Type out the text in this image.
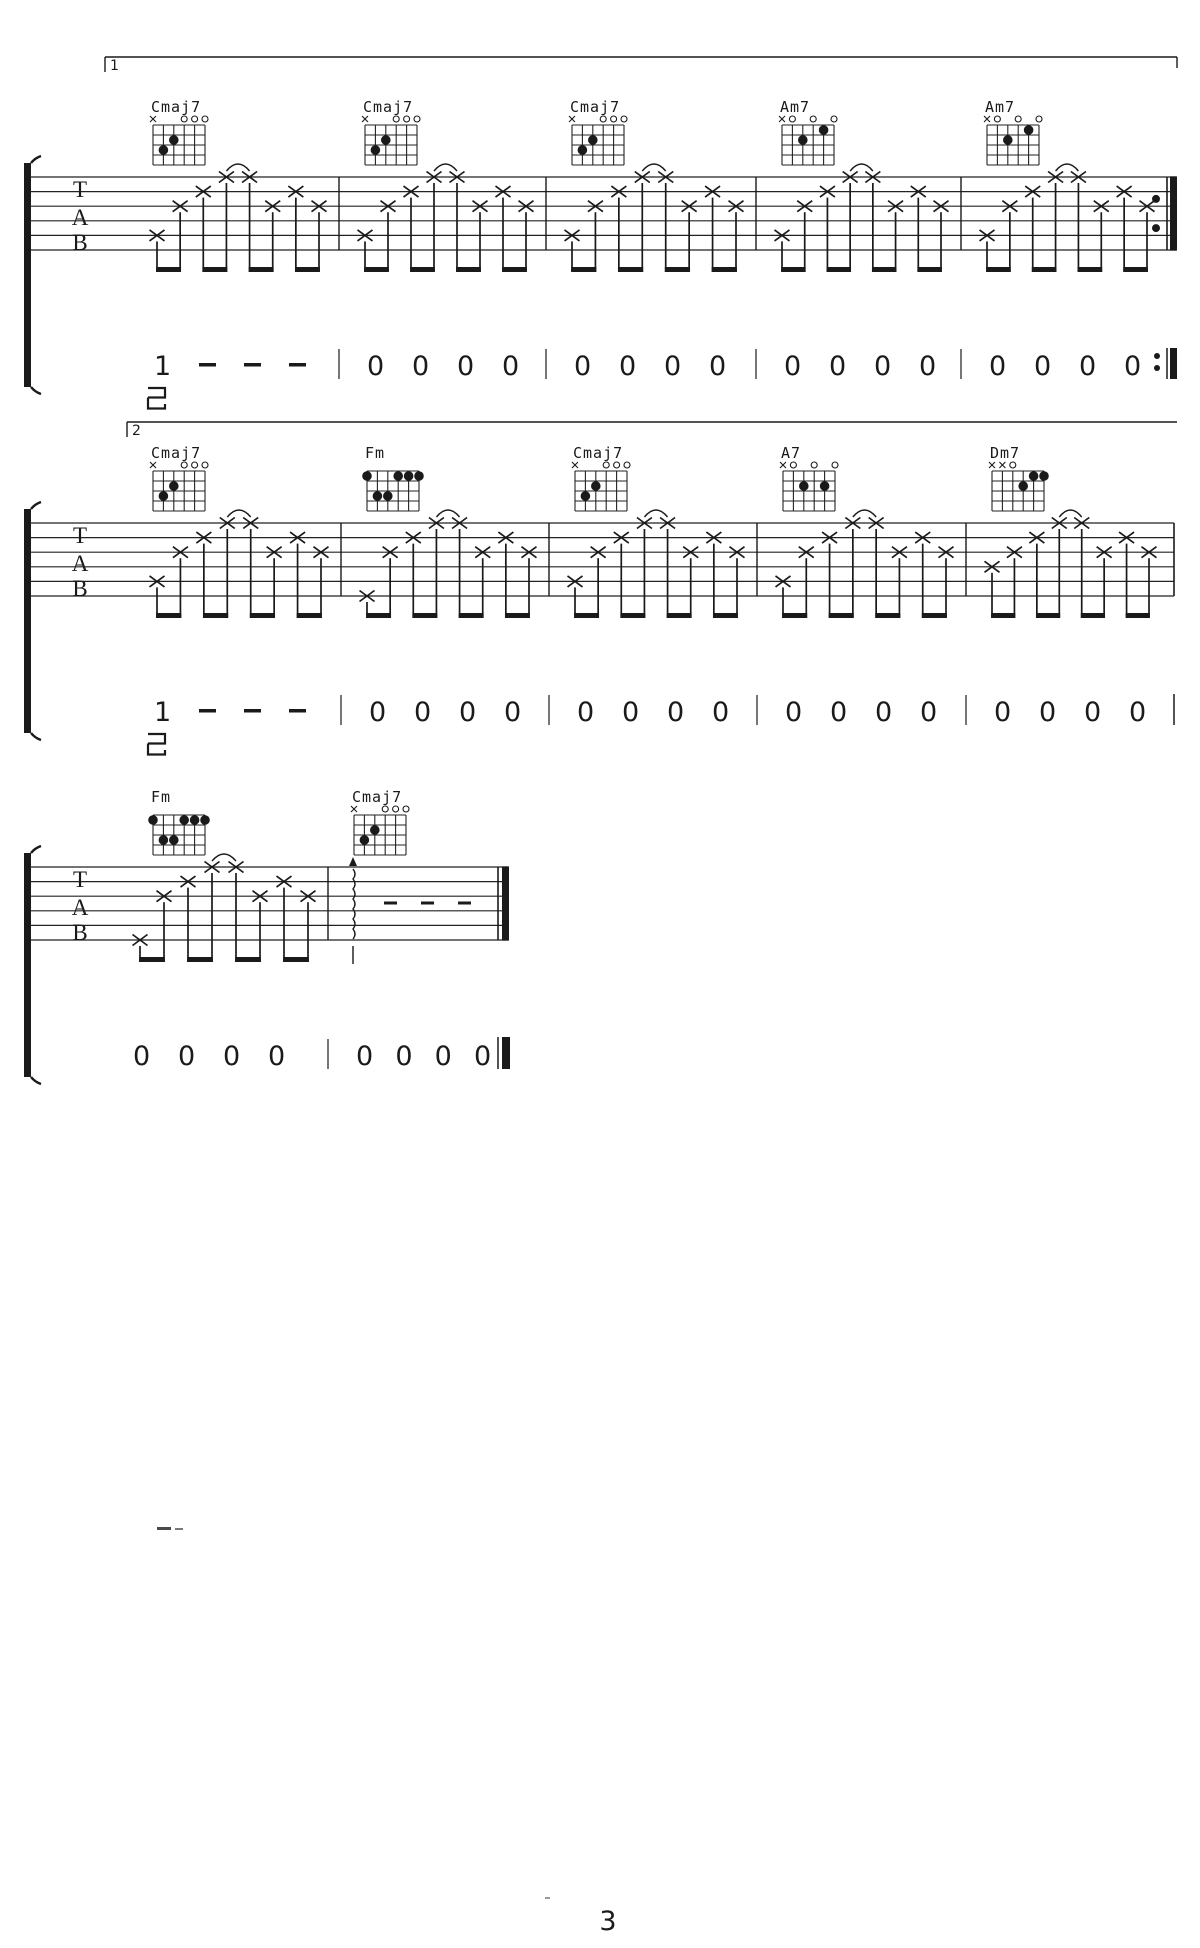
T
A
B
1
Cmaj7	Cmaj7	Cmaj7	Am7	Am7
1	0 0 0 0 0 0 0 0 0 0 0 0 0 0 0 0
T
A
B
2
Cmaj7	Fm	Cmaj7	A7	Dm7
1	0 0 0 0 0 0 0 0 0 0 0 0 0 0 0 0
T
A
B
Fm	Cmaj7
0 0 0 0	0 0 0 0
3
